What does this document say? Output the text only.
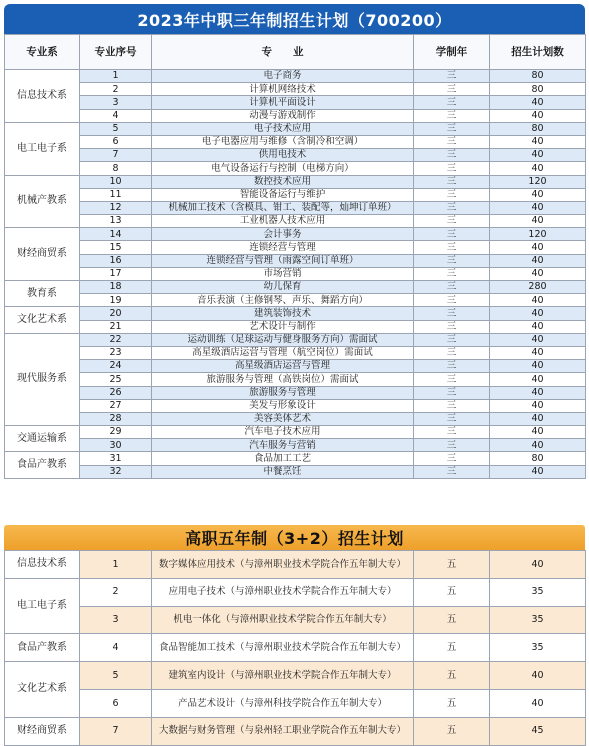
2023年中职三年制招生计划（700200）
专业系	专业序号	专　　业	学制年	招生计划数
信息技术系	1	电子商务	三	80
	2	计算机网络技术	三	80
	3	计算机平面设计	三	40
	4	动漫与游戏制作	三	40
电工电子系	5	电子技术应用	三	80
	6	电子电器应用与维修（含制冷和空调）	三	40
	7	供用电技术	三	40
	8	电气设备运行与控制（电梯方向）	三	40
机械产教系	10	数控技术应用	三	120
	11	智能设备运行与维护	三	40
	12	机械加工技术（含模具、钳工、装配等，灿坤订单班）	三	40
	13	工业机器人技术应用	三	40
财经商贸系	14	会计事务	三	120
	15	连锁经营与管理	三	40
	16	连锁经营与管理（雨露空间订单班）	三	40
	17	市场营销	三	40
教育系	18	幼儿保育	三	280
	19	音乐表演（主修钢琴、声乐、舞蹈方向）	三	40
文化艺术系	20	建筑装饰技术	三	40
	21	艺术设计与制作	三	40
现代服务系	22	运动训练（足球运动与健身服务方向）需面试	三	40
	23	高星级酒店运营与管理（航空岗位）需面试	三	40
	24	高星级酒店运营与管理	三	40
	25	旅游服务与管理（高铁岗位）需面试	三	40
	26	旅游服务与管理	三	40
	27	美发与形象设计	三	40
	28	美容美体艺术	三	40
交通运输系	29	汽车电子技术应用	三	40
	30	汽车服务与营销	三	40
食品产教系	31	食品加工工艺	三	80
	32	中餐烹饪	三	40
高职五年制（3+2）招生计划
信息技术系	1	数字媒体应用技术（与漳州职业技术学院合作五年制大专）	五	40
电工电子系	2	应用电子技术（与漳州职业技术学院合作五年制大专）	五	35
	3	机电一体化（与漳州职业技术学院合作五年制大专）	五	35
食品产教系	4	食品智能加工技术（与漳州职业技术学院合作五年制大专）	五	35
文化艺术系	5	建筑室内设计（与漳州职业技术学院合作五年制大专）	五	40
	6	产品艺术设计（与漳州科技学院合作五年制大专）	五	40
财经商贸系	7	大数据与财务管理（与泉州轻工职业学院合作五年制大专）	五	45
